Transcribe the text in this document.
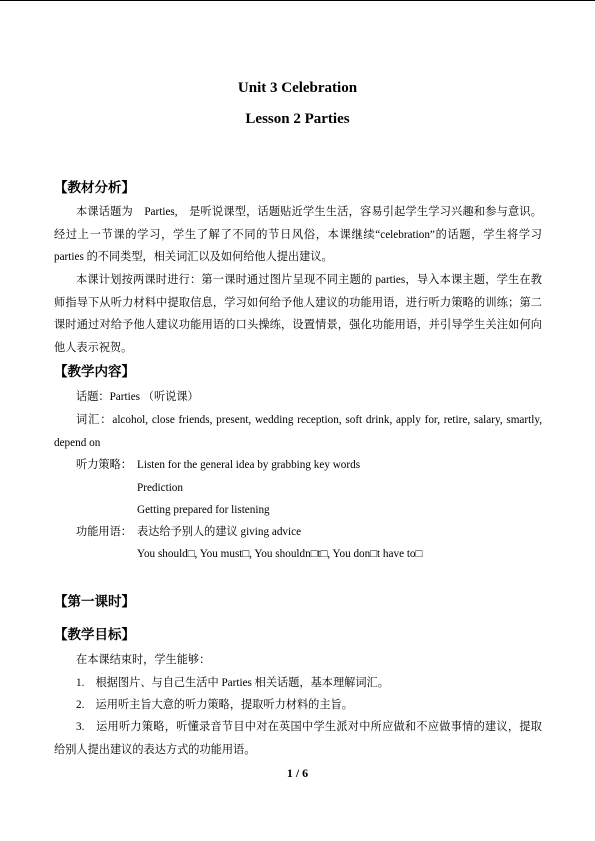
Unit 3 Celebration
Lesson 2 Parties
【教材分析】
本课话题为　Parties,　是听说课型，话题贴近学生生活，容易引起学生学习兴趣和参与意识。经过上一节课的学习，学生了解了不同的节日风俗，本课继续“celebration”的话题，学生将学习 parties 的不同类型，相关词汇以及如何给他人提出建议。
本课计划按两课时进行：第一课时通过图片呈现不同主题的 parties，导入本课主题，学生在教师指导下从听力材料中提取信息，学习如何给予他人建议的功能用语，进行听力策略的训练；第二课时通过对给予他人建议功能用语的口头操练，设置情景，强化功能用语，并引导学生关注如何向他人表示祝贺。
【教学内容】
话题：Parties （听说课）
词汇：alcohol, close friends, present, wedding reception, soft drink, apply for, retire, salary, smartly, depend on
听力策略： Listen for the general idea by grabbing key words
Prediction
Getting prepared for listening
功能用语： 表达给予别人的建议 giving advice
You should□, You must□, You shouldn□t□, You don□t have to□
【第一课时】
【教学目标】
在本课结束时，学生能够：
1.　根据图片、与自己生活中 Parties 相关话题，基本理解词汇。
2.　运用听主旨大意的听力策略，提取听力材料的主旨。
3.　运用听力策略，听懂录音节目中对在英国中学生派对中所应做和不应做事情的建议，提取给别人提出建议的表达方式的功能用语。
1 / 6
